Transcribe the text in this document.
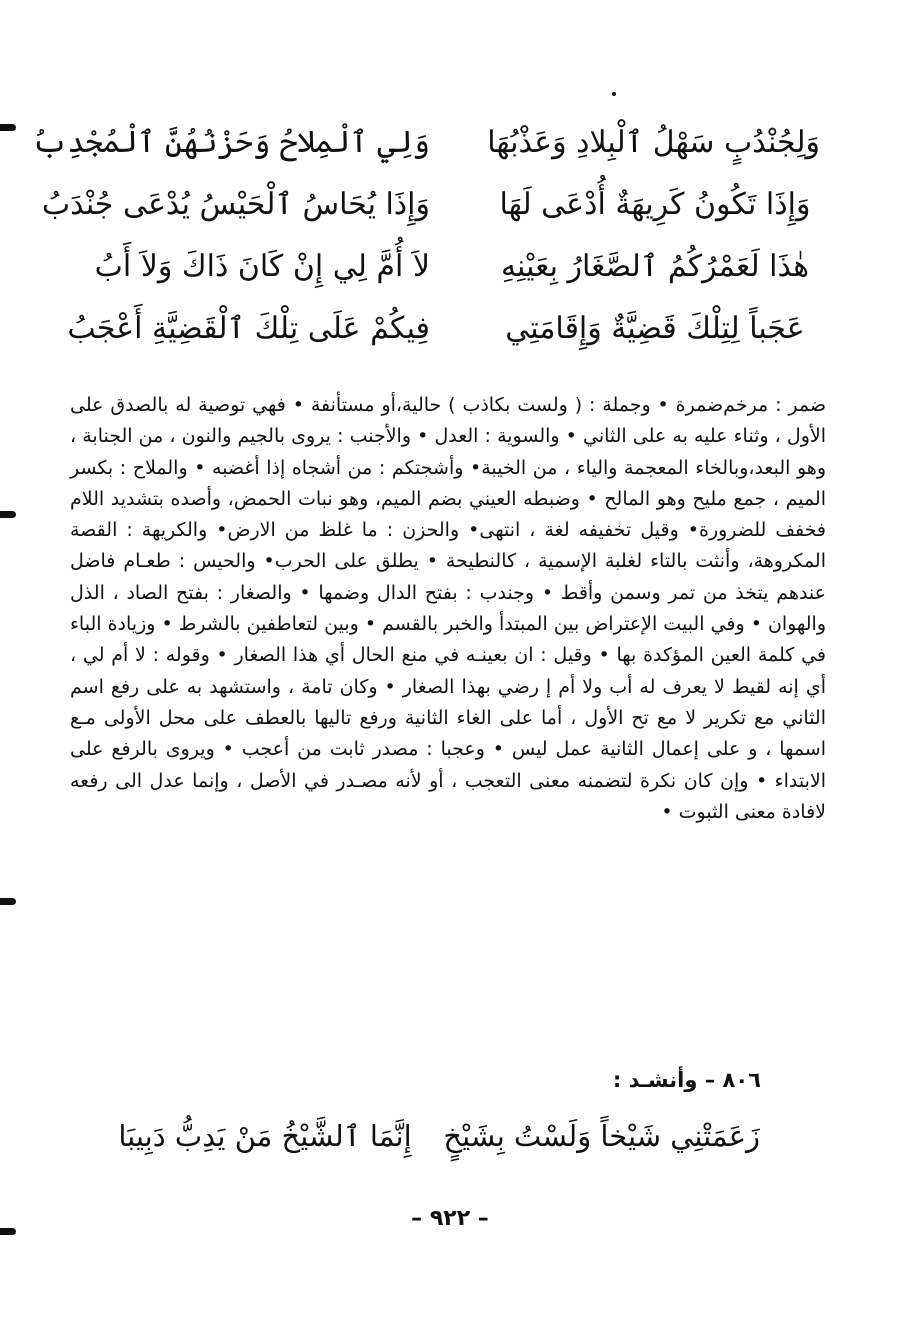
وَلِجُنْدُبٍ سَهْلُ ٱلْبِلادِ وَعَذْبُهَا
وَلِي ٱلْمِلاحُ وَحَزْنُهُنَّ ٱلْمُجْدِبُ
وَإِذَا تَكُونُ كَرِيهَةٌ أُدْعَى لَهَا
وَإِذَا يُحَاسُ ٱلْحَيْسُ يُدْعَى جُنْدَبُ
هٰذَا لَعَمْرُكُمُ ٱلصَّغَارُ بِعَيْنِهِ
لاَ أُمَّ لِي إِنْ كَانَ ذَاكَ وَلاَ أَبُ
عَجَباً لِتِلْكَ قَضِيَّةٌ وَإِقَامَتِي
فِيكُمْ عَلَى تِلْكَ ٱلْقَضِيَّةِ أَعْجَبُ

ضمر : مرخم‌ضمرة • وجملة : ( ولست بكاذب ) حالية،أو مستأنفة • فهي توصية له بالصدق على الأول ، وثناء عليه به على الثاني • والسوية : العدل • والأجنب : يروى بالجيم والنون ، من الجنابة ، وهو البعد،وبالخاء المعجمة والياء ، من الخيبة• وأشجتكم : من أشجاه إذا أغضبه • والملاح : بكسر الميم ، جمع مليح وهو المالح • وضبطه العيني بضم الميم، وهو نبات الحمض، وأصده بتشديد اللام فخفف للضرورة• وقيل تخفيفه لغة ، انتهى• والحزن : ما غلظ من الارض• والكريهة : القصة المكروهة، وأنثت بالتاء لغلبة الإسمية ، كالنطيحة • يطلق على الحرب• والحيس : طعـام فاضل عندهم يتخذ من تمر وسمن وأقط • وجندب : بفتح الدال وضمها • والصغار : بفتح الصاد ، الذل والهوان • وفي البيت الإعتراض بين المبتدأ والخبر بالقسم • وبين لتعاطفين بالشرط • وزيادة الباء في كلمة العين المؤكدة بها • وقيل : ان بعينـه في منع الحال أي هذا الصغار • وقوله : لا أم لي ، أي إنه لقيط لا يعرف له أب ولا أم إ رضي بهذا الصغار • وكان تامة ، واستشهد به على رفع اسم الثاني مع تكرير لا مع تح الأول ، أما على الغاء الثانية ورفع تاليها بالعطف على محل الأولى مـع اسمها ، و على إعمال الثانية عمل ليس • وعجبا : مصدر ثابت من أعجب • ويروى بالرفع على الابتداء • وإن كان نكرة لتضمنه معنى التعجب ، أو لأنه مصـدر في الأصل ، وإنما عدل الى رفعه لافادة معنى الثبوت •

٨٠٦ – وأنشـد :
زَعَمَتْنِي شَيْخاً وَلَسْتُ بِشَيْخٍ
إِنَّمَا ٱلشَّيْخُ مَنْ يَدِبُّ دَبِيبَا
– ٩٢٢ –
